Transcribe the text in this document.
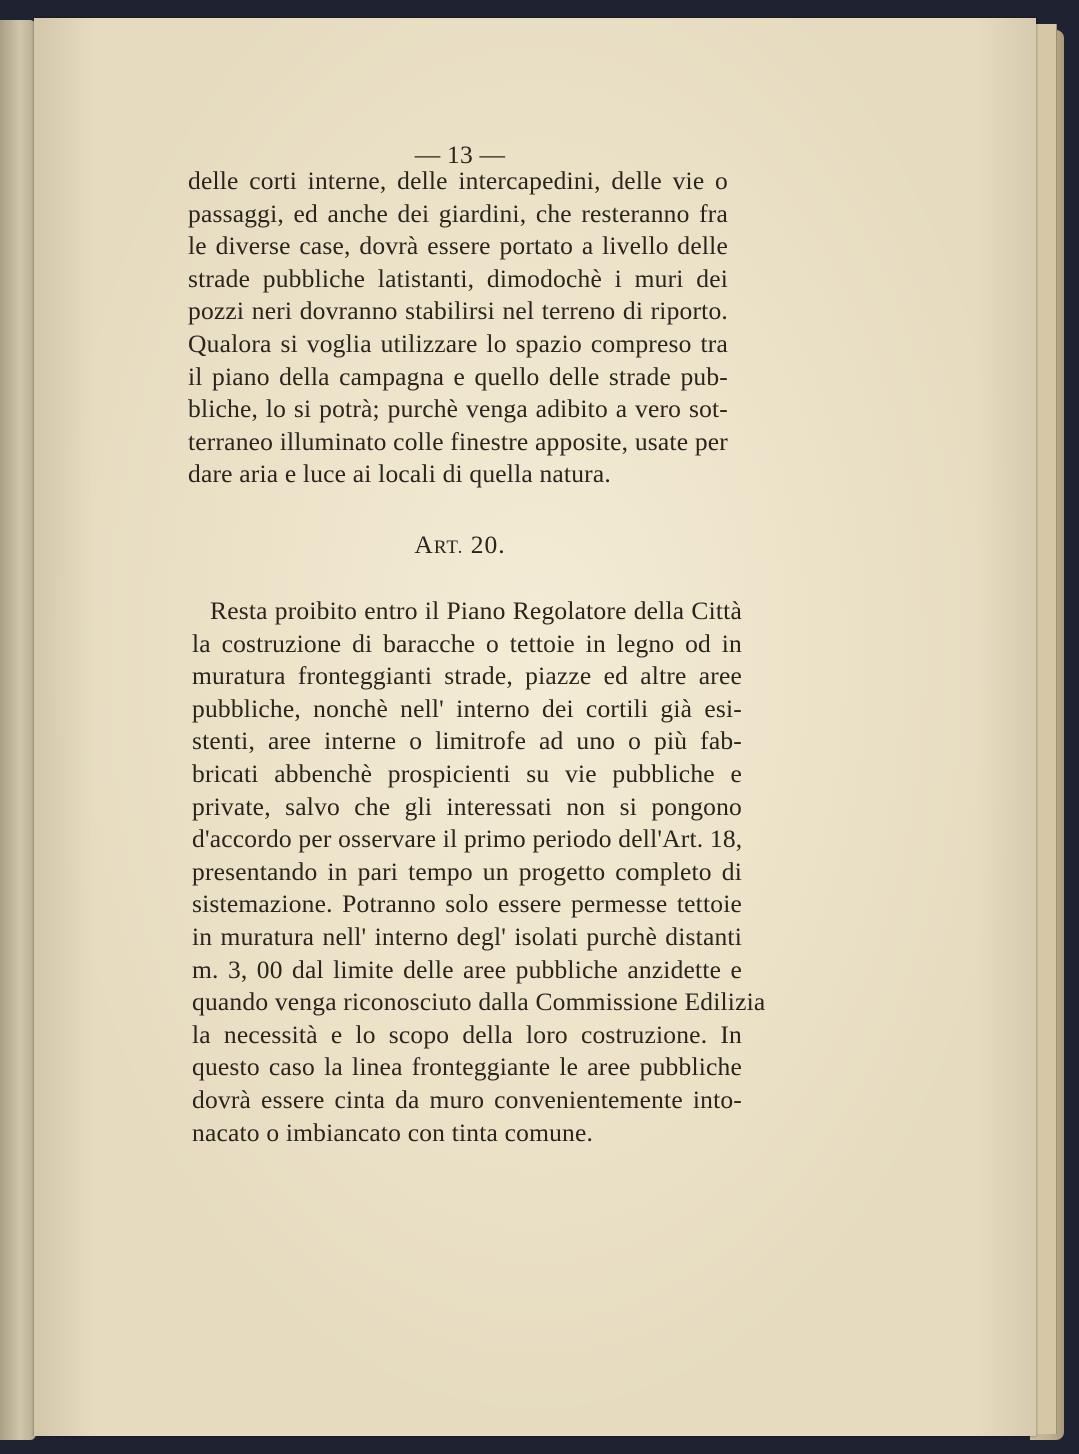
— 13 —
delle corti interne, delle intercapedini, delle vie o
passaggi, ed anche dei giardini, che resteranno fra
le diverse case, dovrà essere portato a livello delle
strade pubbliche latistanti, dimodochè i muri dei
pozzi neri dovranno stabilirsi nel terreno di riporto.
Qualora si voglia utilizzare lo spazio compreso tra
il piano della campagna e quello delle strade pub-
bliche, lo si potrà; purchè venga adibito a vero sot-
terraneo illuminato colle finestre apposite, usate per
dare aria e luce ai locali di quella natura.
ART. 20.
Resta proibito entro il Piano Regolatore della Città
la costruzione di baracche o tettoie in legno od in
muratura fronteggianti strade, piazze ed altre aree
pubbliche, nonchè nell' interno dei cortili già esi-
stenti, aree interne o limitrofe ad uno o più fab-
bricati abbenchè prospicienti su vie pubbliche e
private, salvo che gli interessati non si pongono
d'accordo per osservare il primo periodo dell'Art. 18,
presentando in pari tempo un progetto completo di
sistemazione. Potranno solo essere permesse tettoie
in muratura nell' interno degl' isolati purchè distanti
m. 3, 00 dal limite delle aree pubbliche anzidette e
quando venga riconosciuto dalla Commissione Edilizia
la necessità e lo scopo della loro costruzione. In
questo caso la linea fronteggiante le aree pubbliche
dovrà essere cinta da muro convenientemente into-
nacato o imbiancato con tinta comune.
